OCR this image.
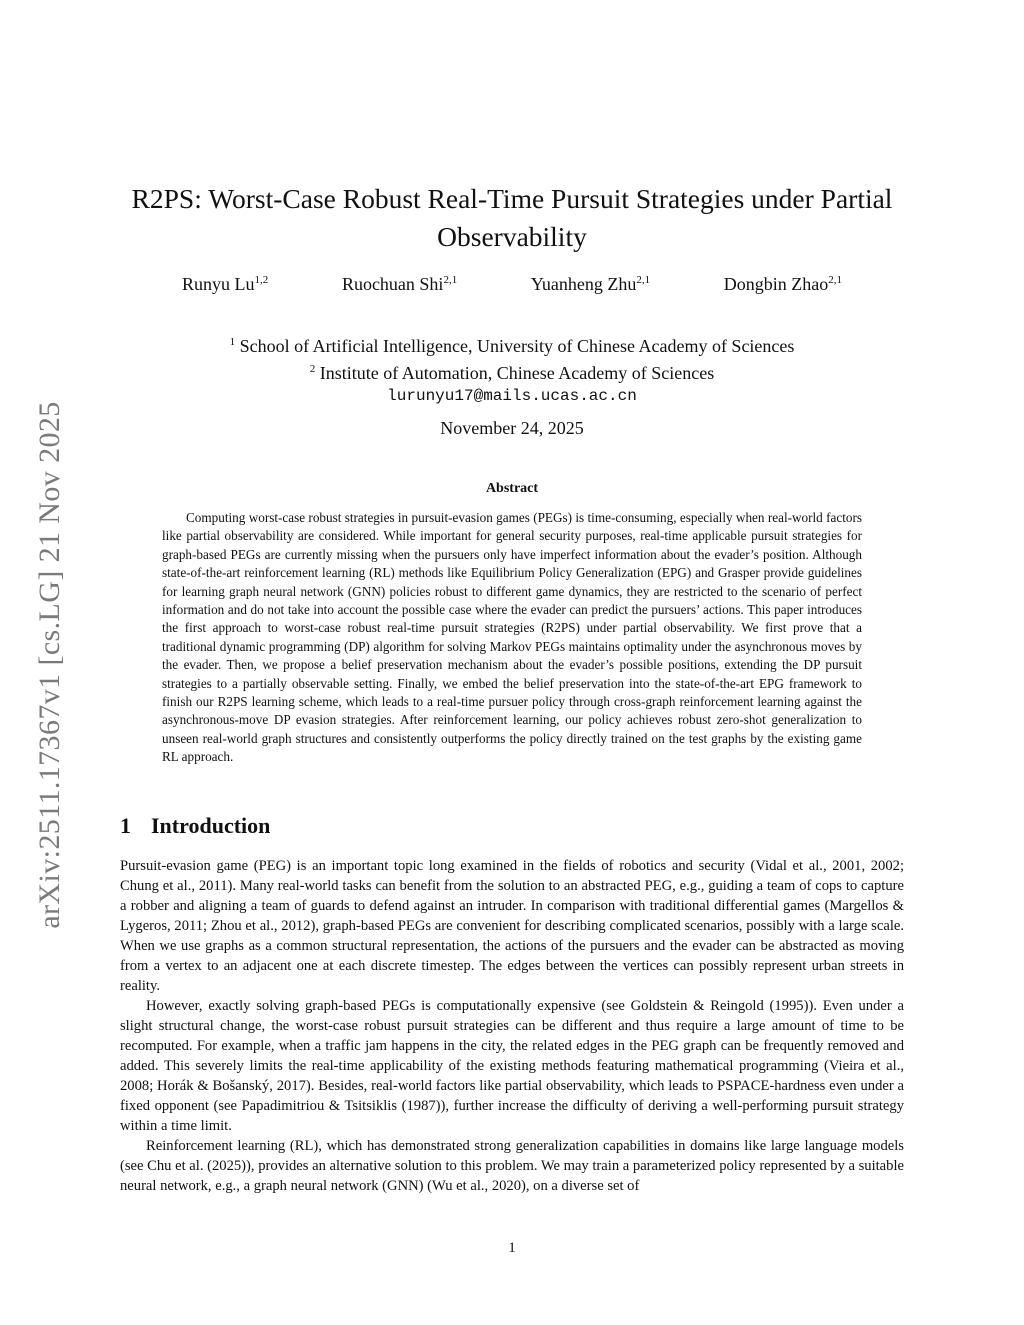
arXiv:2511.17367v1 [cs.LG] 21 Nov 2025
R2PS: Worst-Case Robust Real-Time Pursuit Strategies under Partial
Observability
Runyu Lu$^{1,2}$	Ruochuan Shi$^{2,1}$	Yuanheng Zhu$^{2,1}$	Dongbin Zhao$^{2,1}$
$^1$ School of Artificial Intelligence, University of Chinese Academy of Sciences
$^2$ Institute of Automation, Chinese Academy of Sciences
lurunyu17@mails.ucas.ac.cn
November 24, 2025
Abstract

Computing worst-case robust strategies in pursuit-evasion games (PEGs) is time-consuming, especially when real-world factors like partial observability are considered. While important for general security purposes, real-time applicable pursuit strategies for graph-based PEGs are currently missing when the pursuers only have imperfect information about the evader’s position. Although state-of-the-art reinforcement learning (RL) methods like Equilibrium Policy Generalization (EPG) and Grasper provide guidelines for learning graph neural network (GNN) policies robust to different game dynamics, they are restricted to the scenario of perfect information and do not take into account the possible case where the evader can predict the pursuers’ actions. This paper introduces the first approach to worst-case robust real-time pursuit strategies (R2PS) under partial observability. We first prove that a traditional dynamic programming (DP) algorithm for solving Markov PEGs maintains optimality under the asynchronous moves by the evader. Then, we propose a belief preservation mechanism about the evader’s possible positions, extending the DP pursuit strategies to a partially observable setting. Finally, we embed the belief preservation into the state-of-the-art EPG framework to finish our R2PS learning scheme, which leads to a real-time pursuer policy through cross-graph reinforcement learning against the asynchronous-move DP evasion strategies. After reinforcement learning, our policy achieves robust zero-shot generalization to unseen real-world graph structures and consistently outperforms the policy directly trained on the test graphs by the existing game RL approach.

1 Introduction

Pursuit-evasion game (PEG) is an important topic long examined in the fields of robotics and security (Vidal et al., 2001, 2002; Chung et al., 2011). Many real-world tasks can benefit from the solution to an abstracted PEG, e.g., guiding a team of cops to capture a robber and aligning a team of guards to defend against an intruder. In comparison with traditional differential games (Margellos & Lygeros, 2011; Zhou et al., 2012), graph-based PEGs are convenient for describing complicated scenarios, possibly with a large scale. When we use graphs as a common structural representation, the actions of the pursuers and the evader can be abstracted as moving from a vertex to an adjacent one at each discrete timestep. The edges between the vertices can possibly represent urban streets in reality.

However, exactly solving graph-based PEGs is computationally expensive (see Goldstein & Reingold (1995)). Even under a slight structural change, the worst-case robust pursuit strategies can be different and thus require a large amount of time to be recomputed. For example, when a traffic jam happens in the city, the related edges in the PEG graph can be frequently removed and added. This severely limits the real-time applicability of the existing methods featuring mathematical programming (Vieira et al., 2008; Horák & Bošanský, 2017). Besides, real-world factors like partial observability, which leads to PSPACE-hardness even under a fixed opponent (see Papadimitriou & Tsitsiklis (1987)), further increase the difficulty of deriving a well-performing pursuit strategy within a time limit.

Reinforcement learning (RL), which has demonstrated strong generalization capabilities in domains like large language models (see Chu et al. (2025)), provides an alternative solution to this problem. We may train a parameterized policy represented by a suitable neural network, e.g., a graph neural network (GNN) (Wu et al., 2020), on a diverse set of

1
